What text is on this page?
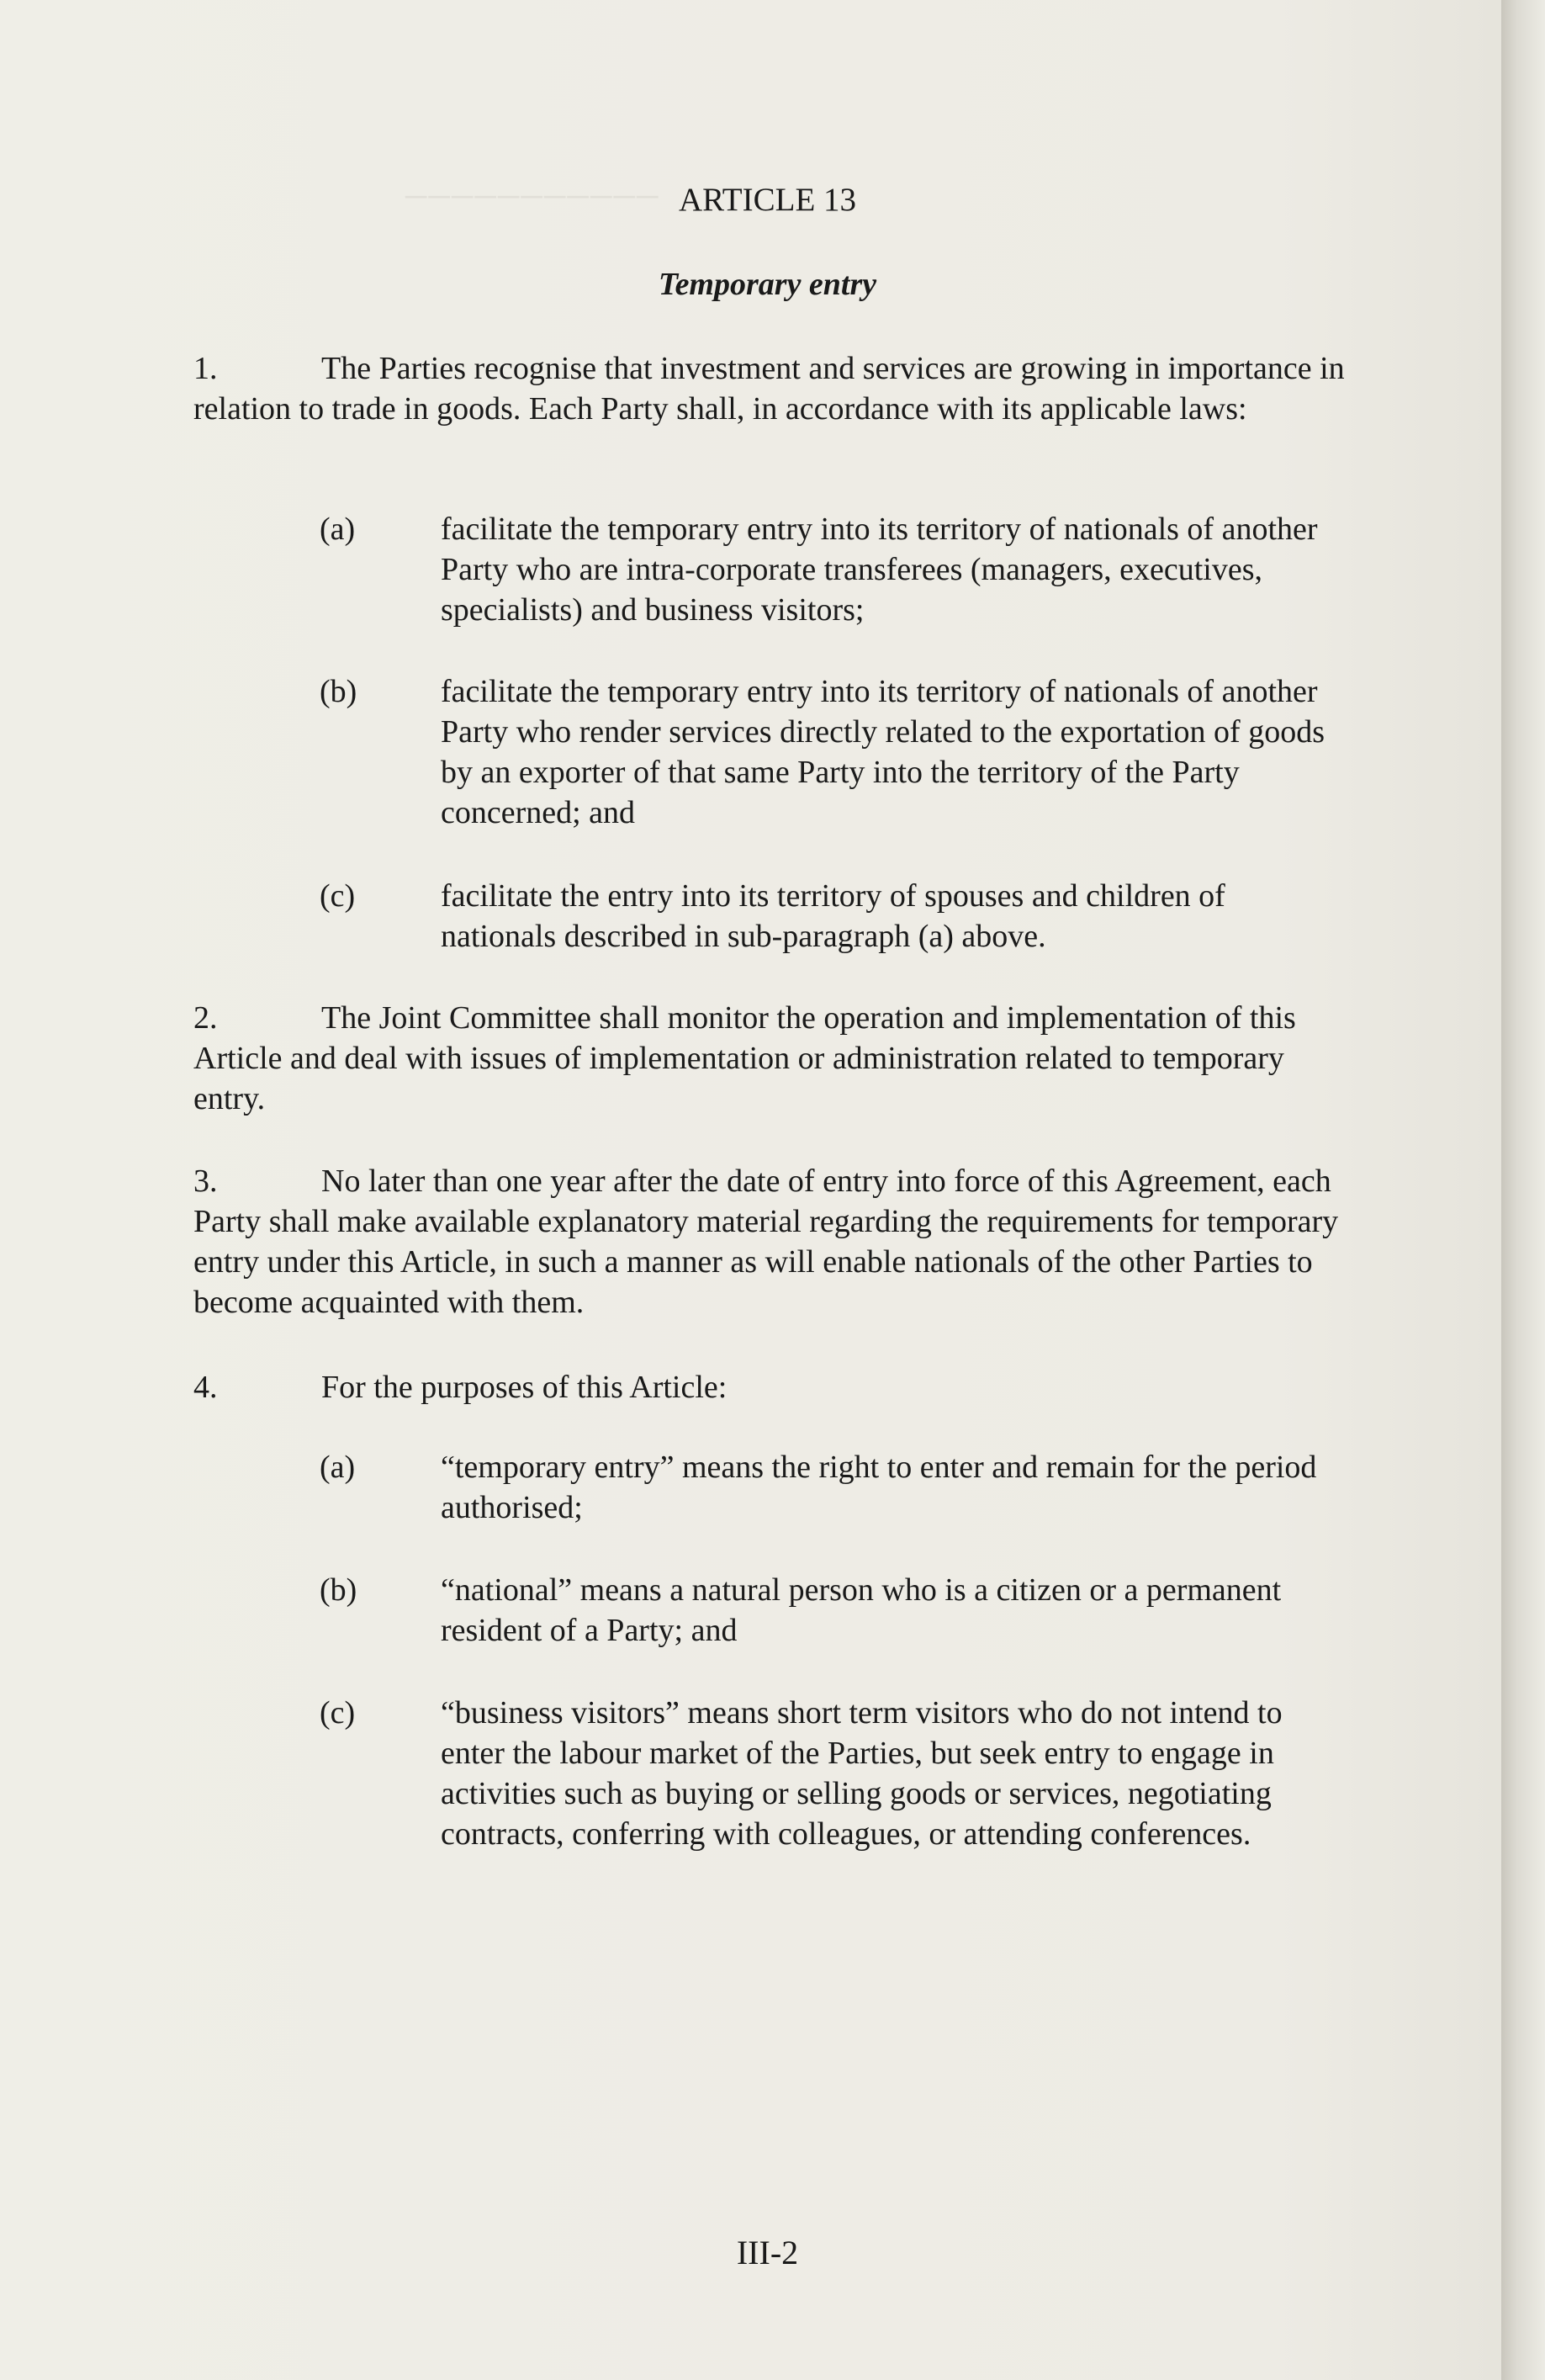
─────────── ARTICLE 13
Temporary entry
1.	The Parties recognise that investment and services are growing in importance in relation to trade in goods. Each Party shall, in accordance with its applicable laws:

(a)	facilitate the temporary entry into its territory of nationals of another Party who are intra-corporate transferees (managers, executives, specialists) and business visitors;
(b)	facilitate the temporary entry into its territory of nationals of another Party who render services directly related to the exportation of goods by an exporter of that same Party into the territory of the Party concerned; and
(c)	facilitate the entry into its territory of spouses and children of nationals described in sub-paragraph (a) above.
2.	The Joint Committee shall monitor the operation and implementation of this Article and deal with issues of implementation or administration related to temporary entry.

3.	No later than one year after the date of entry into force of this Agreement, each Party shall make available explanatory material regarding the requirements for temporary entry under this Article, in such a manner as will enable nationals of the other Parties to become acquainted with them.

4.	For the purposes of this Article:

(a)	“temporary entry” means the right to enter and remain for the period authorised;
(b)	“national” means a natural person who is a citizen or a permanent resident of a Party; and
(c)	“business visitors” means short term visitors who do not intend to enter the labour market of the Parties, but seek entry to engage in activities such as buying or selling goods or services, negotiating contracts, conferring with colleagues, or attending conferences.
III-2
